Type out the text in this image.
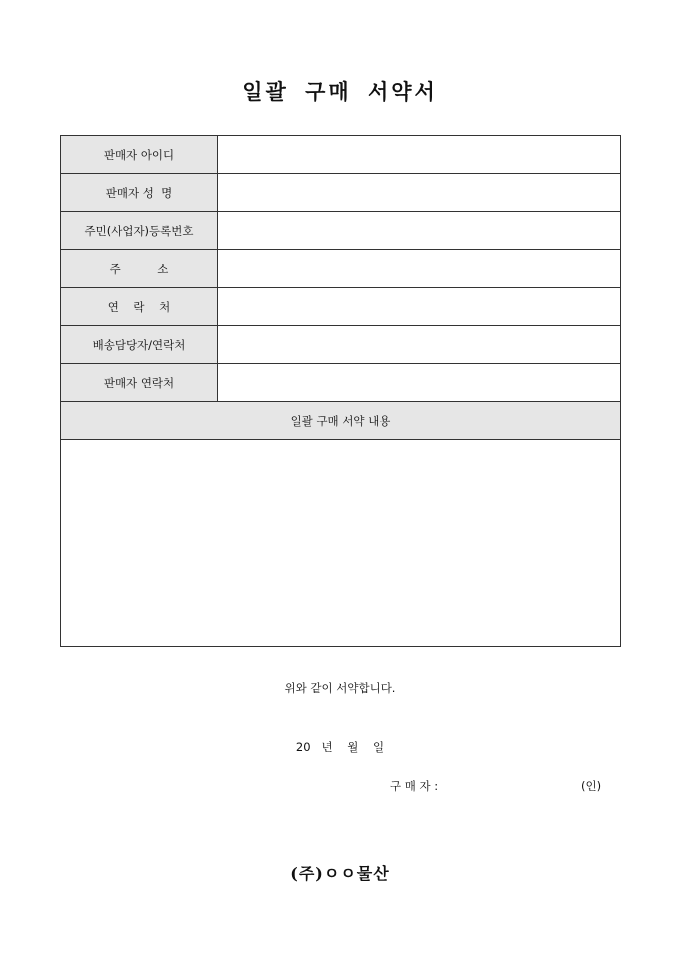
일괄 구매 서약서
판매자 아이디	
판매자 성  명	
주민(사업자)등록번호	
주          소	
연    락    처	
배송담당자/연락처	
판매자 연락처	
일괄 구매 서약 내용	

위와 같이 서약합니다.
20   년    월    일
구 매 자 :	(인)
(주)ㅇㅇ물산
